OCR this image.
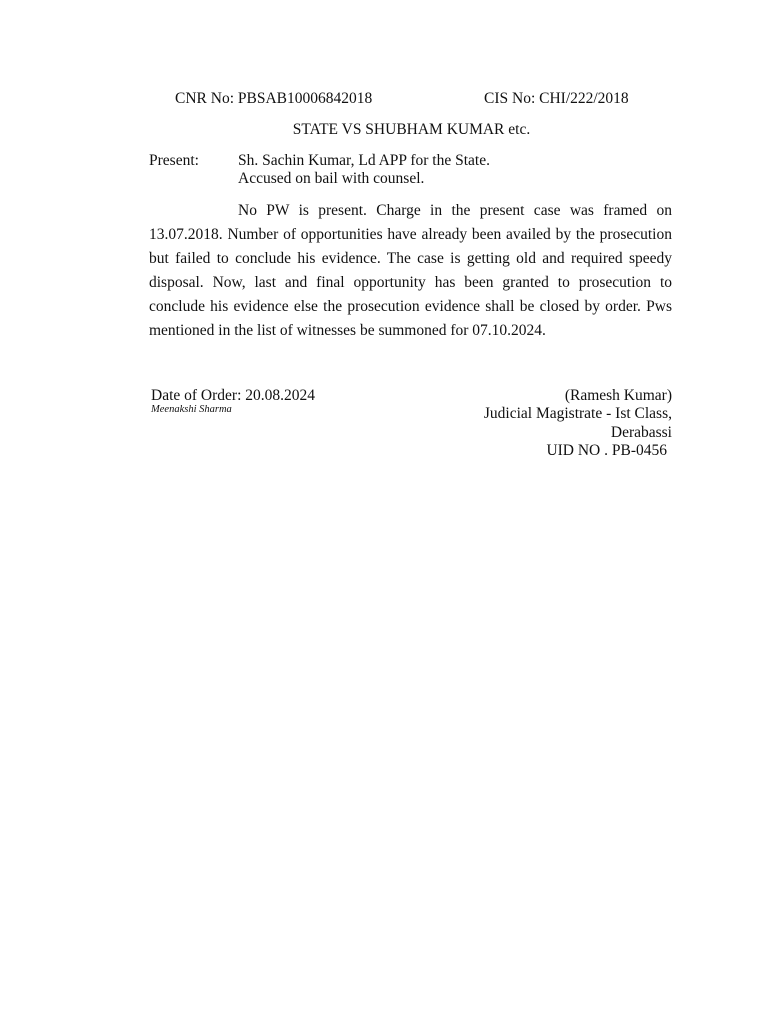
CNR No: PBSAB10006842018	CIS No: CHI/222/2018
STATE VS SHUBHAM KUMAR etc.
Present:	Sh. Sachin Kumar, Ld APP for the State.
Accused on bail with counsel.

No PW is present. Charge in the present case was framed on 13.07.2018. Number of opportunities have already been availed by the prosecution but failed to conclude his evidence. The case is getting old and required speedy disposal. Now, last and final opportunity has been granted to prosecution to conclude his evidence else the prosecution evidence shall be closed by order. Pws mentioned in the list of witnesses be summoned for 07.10.2024.

Date of Order: 20.08.2024
Meenakshi Sharma
(Ramesh Kumar)
Judicial Magistrate - Ist Class,
Derabassi
UID NO . PB-0456
